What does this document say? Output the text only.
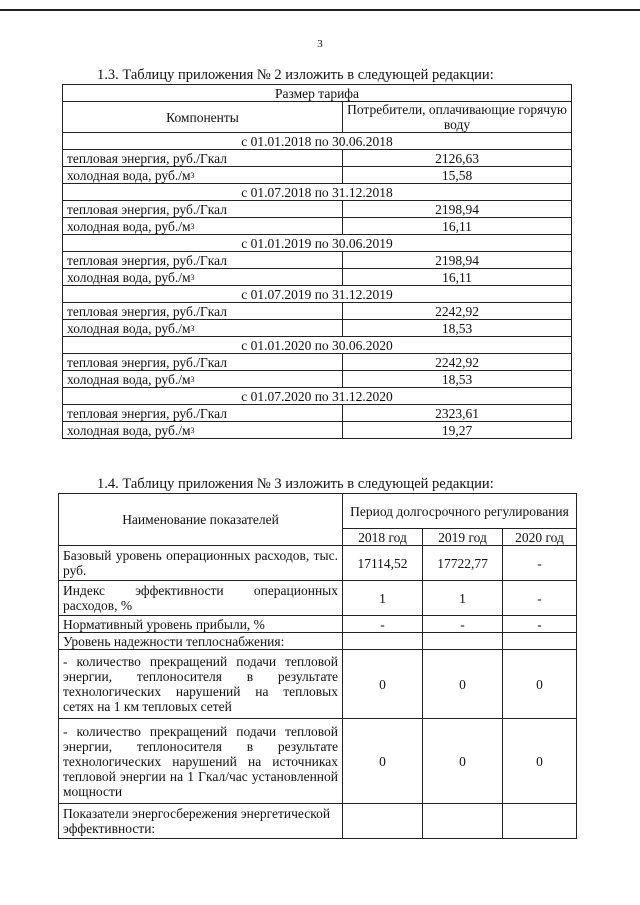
3
1.3. Таблицу приложения № 2 изложить в следующей редакции:
Размер тарифа	
Компоненты	Потребители, оплачивающие горячую воду
с 01.01.2018 по 30.06.2018	
тепловая энергия, руб./Гкал	2126,63
холодная вода, $руб./м^3$	15,58
с 01.07.2018 по 31.12.2018	
тепловая энергия, руб./Гкал	2198,94
холодная вода, $руб./м^3$	16,11
с 01.01.2019 по 30.06.2019	
тепловая энергия, руб./Гкал	2198,94
холодная вода, $руб./м^3$	16,11
с 01.07.2019 по 31.12.2019	
тепловая энергия, руб./Гкал	2242,92
холодная вода, $руб./м^3$	18,53
с 01.01.2020 по 30.06.2020	
тепловая энергия, руб./Гкал	2242,92
холодная вода, $руб./м^3$	18,53
с 01.07.2020 по 31.12.2020	
тепловая энергия, руб./Гкал	2323,61
холодная вода, $руб./м^3$	19,27
1.4. Таблицу приложения № 3 изложить в следующей редакции:
Наименование показателей	Период долгосрочного регулирования		
	2018 год	2019 год	2020 год
Базовый уровень операционных расходов, тыс. руб.	17114,52	17722,77	-
Индекс эффективности операционных расходов, %	1	1	-
Нормативный уровень прибыли, %	-	-	-
Уровень надежности теплоснабжения:			
- количество прекращений подачи тепловой энергии, теплоносителя в результате технологических нарушений на тепловых сетях на 1 км тепловых сетей	0	0	0
- количество прекращений подачи тепловой энергии, теплоносителя в результате технологических нарушений на источниках тепловой энергии на 1 Гкал/час установленной мощности	0	0	0
Показатели энергосбережения энергетической эффективности:			
